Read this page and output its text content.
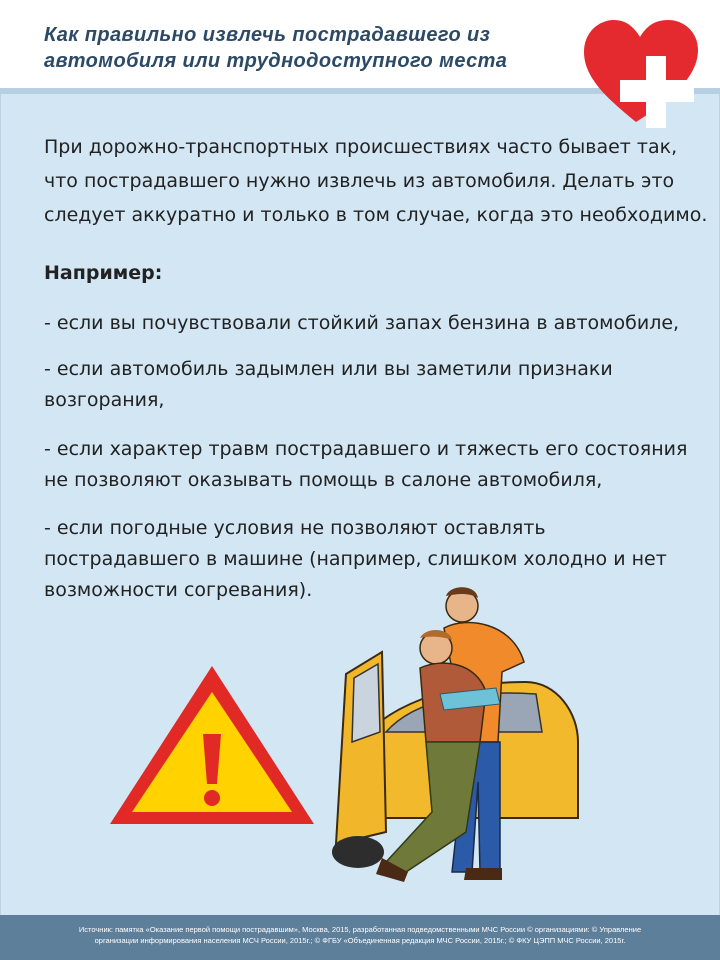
Как правильно извлечь пострадавшего из
автомобиля или труднодоступного места
При дорожно-транспортных происшествиях часто бывает так,
что пострадавшего нужно извлечь из автомобиля. Делать это
следует аккуратно и только в том случае, когда это необходимо.
Например:
- если вы почувствовали стойкий запах бензина в автомобиле,
- если автомобиль задымлен или вы заметили признаки
возгорания,
- если характер травм пострадавшего и тяжесть его состояния
не позволяют оказывать помощь в салоне автомобиля,
- если погодные условия не позволяют оставлять
пострадавшего в машине (например, слишком холодно и нет
возможности согревания).
Источник: памятка «Оказание первой помощи пострадавшим», Москва, 2015, разработанная подведомственными МЧС России © организациями: © Управление
организации информирования населения МСЧ России, 2015г.; © ФГБУ «Объединенная редакция МЧС России, 2015г.; © ФКУ ЦЭПП МЧС России, 2015г.
